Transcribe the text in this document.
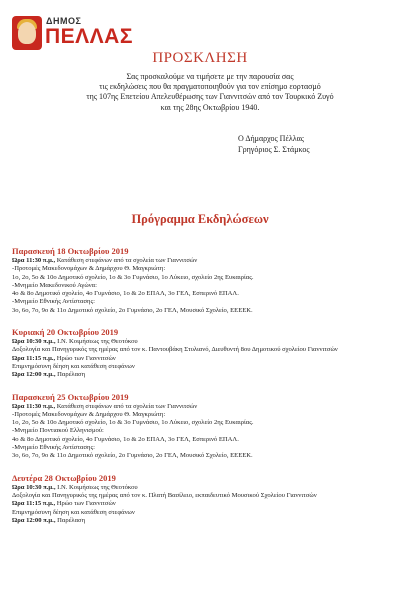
ΔΗΜΟΣ
ΠΕΛΛΑΣ
ΠΡΟΣΚΛΗΣΗ
Σας προσκαλούμε να τιμήσετε με την παρουσία σας
τις εκδηλώσεις που θα πραγματοποιηθούν για τον επίσημο εορτασμό
της 107ης Επετείου Απελευθέρωσης των Γιαννιτσών από τον Τουρκικό Ζυγό
και της 28ης Οκτωβρίου 1940.
Ο Δήμαρχος Πέλλας
Γρηγόριος Σ. Στάμκος
Πρόγραμμα Εκδηλώσεων
Παρασκευή 18 Οκτωβρίου 2019
Ώρα 11:30 π.μ., Κατάθεση στεφάνων από τα σχολεία των Γιαννιτσών
-Προτομές Μακεδονομάχων & Δημάρχου Θ. Μαγκριώτη:
1ο, 2ο, 5ο & 10ο Δημοτικό σχολείο, 1ο & 3ο Γυμνάσιο, 1ο Λύκειο, σχολείο 2ης Ευκαιρίας.
-Μνημείο Μακεδονικού Αγώνα:
4ο & 8ο Δημοτικό σχολείο, 4ο Γυμνάσιο, 1ο & 2ο ΕΠΑΛ, 3ο ΓΕΛ, Εσπερινό ΕΠΑΛ.
-Μνημείο Εθνικής Αντίστασης:
3ο, 6ο, 7ο, 9ο & 11ο Δημοτικό σχολείο, 2ο Γυμνάσιο, 2ο ΓΕΛ, Μουσικό Σχολείο, ΕΕΕΕΚ.
Κυριακή 20 Οκτωβρίου 2019
Ώρα 10:30 π.μ., Ι.Ν. Κοιμήσεως της Θεοτόκου
Δοξολογία και Πανηγυρικός της ημέρας από τον κ. Παντουβάκη Στυλιανό, Διευθυντή 8ου Δημοτικού σχολείου Γιαννιτσών
Ώρα 11:15 π.μ., Ηρώο των Γιαννιτσών
Επιμνημόσυνη δέηση και κατάθεση στεφάνων
Ώρα 12:00 π.μ., Παρέλαση
Παρασκευή 25 Οκτωβρίου 2019
Ώρα 11:30 π.μ., Κατάθεση στεφάνων από τα σχολεία των Γιαννιτσών
-Προτομές Μακεδονομάχων & Δημάρχου Θ. Μαγκριώτη:
1ο, 2ο, 5ο & 10ο Δημοτικό σχολείο, 1ο & 3ο Γυμνάσιο, 1ο Λύκειο, σχολείο 2ης Ευκαιρίας.
-Μνημείο Ποντιακού Ελληνισμού:
4ο & 8ο Δημοτικό σχολείο, 4ο Γυμνάσιο, 1ο & 2ο ΕΠΑΛ, 3ο ΓΕΛ, Εσπερινό ΕΠΑΛ.
-Μνημείο Εθνικής Αντίστασης:
3ο, 6ο, 7ο, 9ο & 11ο Δημοτικό σχολείο, 2ο Γυμνάσιο, 2ο ΓΕΛ, Μουσικό Σχολείο, ΕΕΕΕΚ.
Δευτέρα 28 Οκτωβρίου 2019
Ώρα 10:30 π.μ., Ι.Ν. Κοιμήσεως της Θεοτόκου
Δοξολογία και Πανηγυρικός της ημέρας από τον κ. Πλατή Βασίλειο, εκπαιδευτικό Μουσικού Σχολείου Γιαννιτσών
Ώρα 11:15 π.μ., Ηρώο των Γιαννιτσών
Επιμνημόσυνη δέηση και κατάθεση στεφάνων
Ώρα 12:00 π.μ., Παρέλαση
